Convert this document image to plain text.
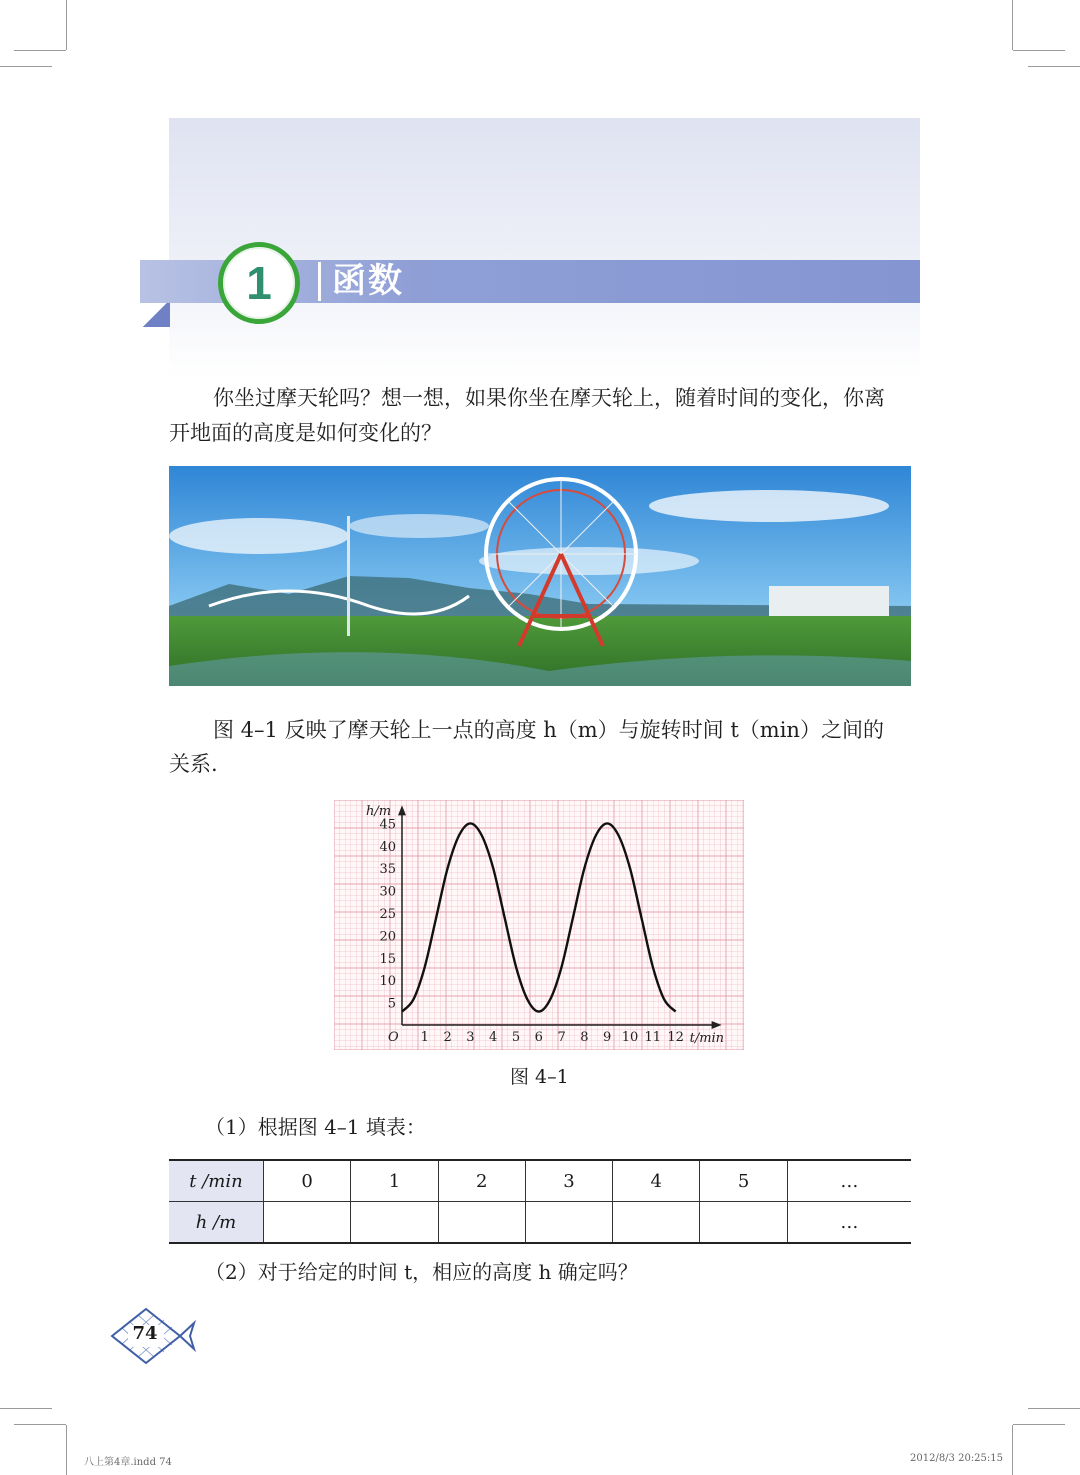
1	函数
你坐过摩天轮吗？想一想，如果你坐在摩天轮上，随着时间的变化，你离
开地面的高度是如何变化的？
图 4–1 反映了摩天轮上一点的高度 h（m）与旋转时间 t（min）之间的
关系.
1 2 3 4 5 6 7 8 9 10 11 12
5
10
15
20
25
30
35
40
45
O
h/m
t/min
图 4–1
（1）根据图 4–1 填表：
t /min	0	1	2	3	4	5	…
h /m							…
（2）对于给定的时间 t，相应的高度 h 确定吗？
74
八上第4章.indd 74	2012/8/3 20:25:15
